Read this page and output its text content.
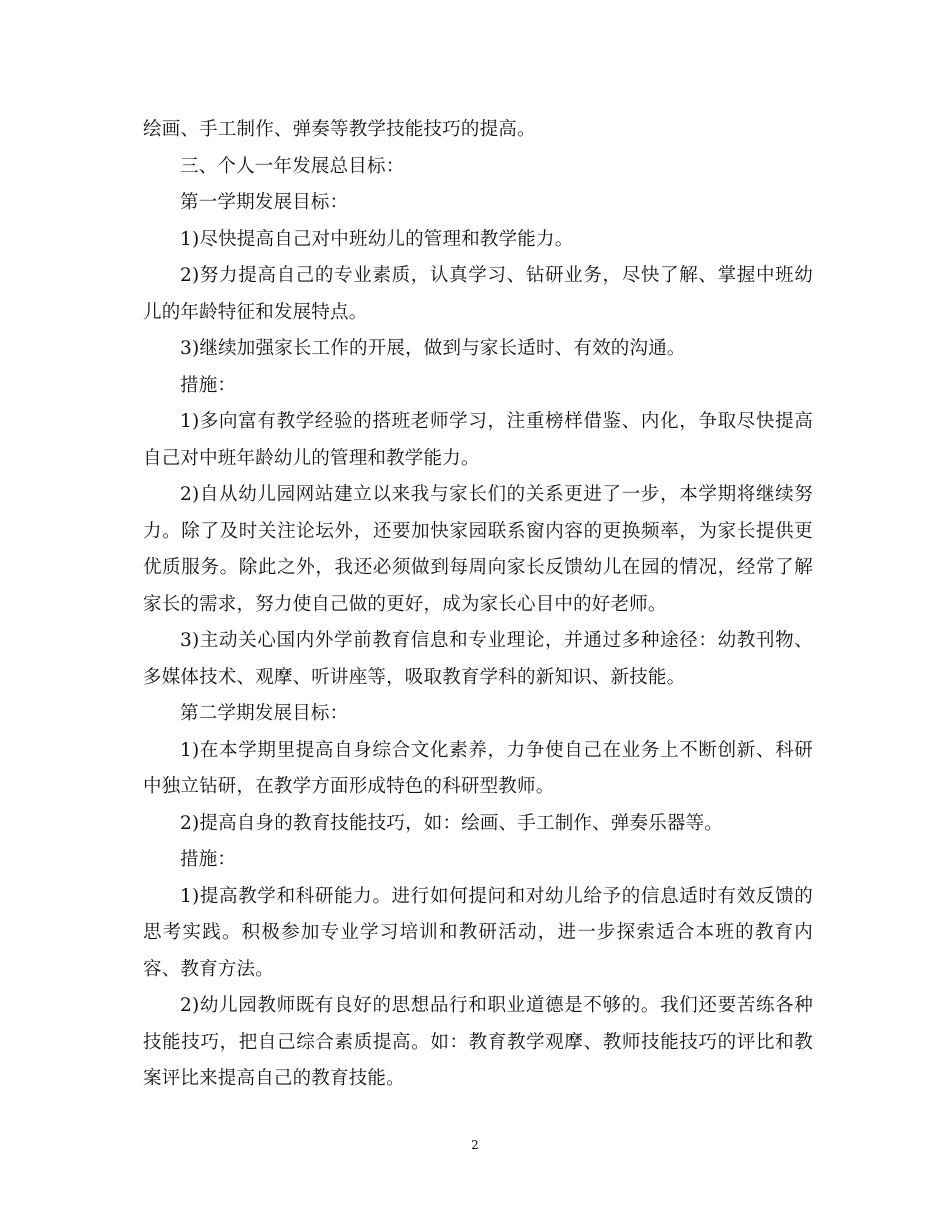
绘画、手工制作、弹奏等教学技能技巧的提高。

三、个人一年发展总目标：

第一学期发展目标：

1)尽快提高自己对中班幼儿的管理和教学能力。

2)努力提高自己的专业素质，认真学习、钻研业务，尽快了解、掌握中班幼儿的年龄特征和发展特点。

3)继续加强家长工作的开展，做到与家长适时、有效的沟通。

措施：

1)多向富有教学经验的搭班老师学习，注重榜样借鉴、内化，争取尽快提高自己对中班年龄幼儿的管理和教学能力。

2)自从幼儿园网站建立以来我与家长们的关系更进了一步，本学期将继续努力。除了及时关注论坛外，还要加快家园联系窗内容的更换频率，为家长提供更优质服务。除此之外，我还必须做到每周向家长反馈幼儿在园的情况，经常了解家长的需求，努力使自己做的更好，成为家长心目中的好老师。

3)主动关心国内外学前教育信息和专业理论，并通过多种途径：幼教刊物、多媒体技术、观摩、听讲座等，吸取教育学科的新知识、新技能。

第二学期发展目标：

1)在本学期里提高自身综合文化素养，力争使自己在业务上不断创新、科研中独立钻研，在教学方面形成特色的科研型教师。

2)提高自身的教育技能技巧，如：绘画、手工制作、弹奏乐器等。

措施：

1)提高教学和科研能力。进行如何提问和对幼儿给予的信息适时有效反馈的思考实践。积极参加专业学习培训和教研活动，进一步探索适合本班的教育内容、教育方法。

2)幼儿园教师既有良好的思想品行和职业道德是不够的。我们还要苦练各种技能技巧，把自己综合素质提高。如：教育教学观摩、教师技能技巧的评比和教案评比来提高自己的教育技能。

2
